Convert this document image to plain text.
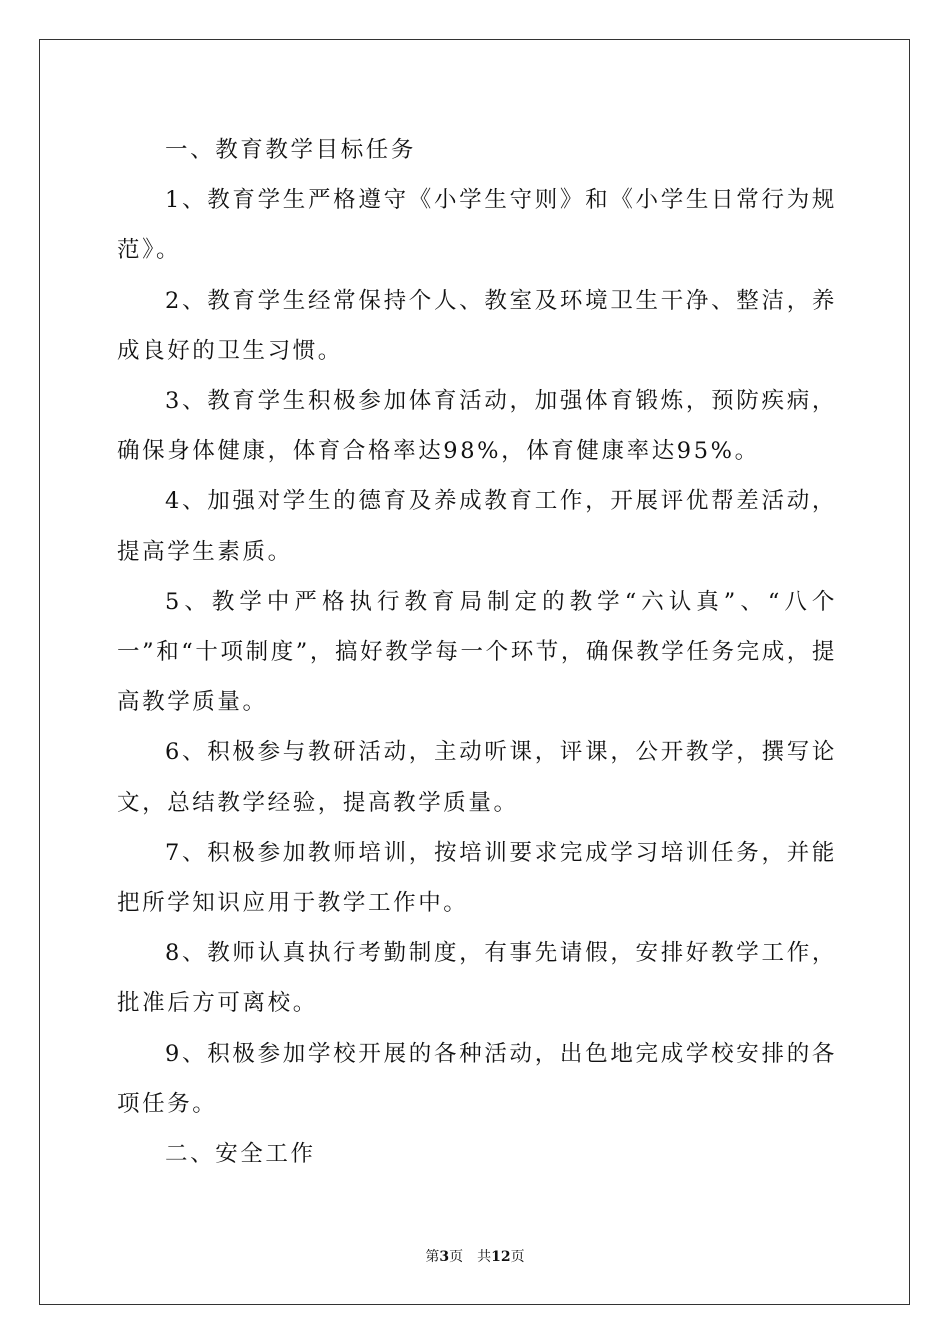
一、教育教学目标任务

1、教育学生严格遵守《小学生守则》和《小学生日常行为规范》。

2、教育学生经常保持个人、教室及环境卫生干净、整洁，养成良好的卫生习惯。

3、教育学生积极参加体育活动，加强体育锻炼，预防疾病，确保身体健康，体育合格率达98%，体育健康率达95%。

4、加强对学生的德育及养成教育工作，开展评优帮差活动，提高学生素质。

5、教学中严格执行教育局制定的教学“六认真”、“八个一”和“十项制度”，搞好教学每一个环节，确保教学任务完成，提高教学质量。

6、积极参与教研活动，主动听课，评课，公开教学，撰写论文，总结教学经验，提高教学质量。

7、积极参加教师培训，按培训要求完成学习培训任务，并能把所学知识应用于教学工作中。

8、教师认真执行考勤制度，有事先请假，安排好教学工作，批准后方可离校。

9、积极参加学校开展的各种活动，出色地完成学校安排的各项任务。

二、安全工作

第3页 共12页
